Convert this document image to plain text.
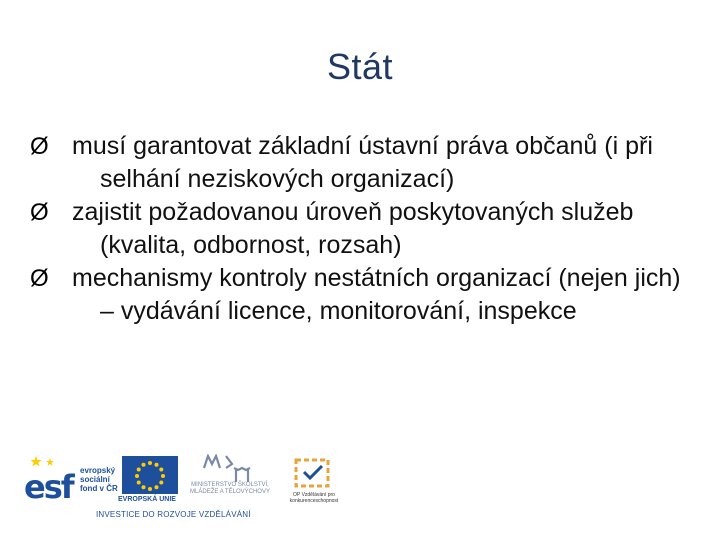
Stát
Ø musí garantovat základní ústavní práva občanů (i při selhání neziskových organizací)
Ø zajistit požadovanou úroveň poskytovaných služeb (kvalita, odbornost, rozsah)
Ø mechanismy kontroly nestátních organizací (nejen jich) – vydávání licence, monitorování, inspekce
esf evropský sociální fond v ČR
EVROPSKÁ UNIE
MINISTERSTVO ŠKOLSTVÍ, MLÁDEŽE A TĚLOVÝCHOVY	OP Vzdělávání pro konkurenceschopnost
INVESTICE DO ROZVOJE VZDĚLÁVÁNÍ
